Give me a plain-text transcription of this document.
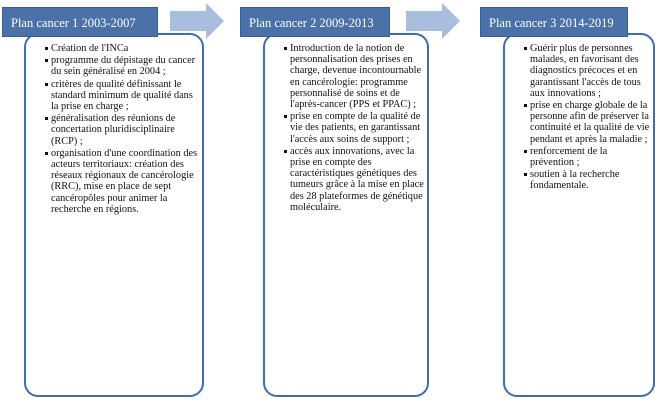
Création de l'INCa
programme du dépistage du cancer du sein généralisé en 2004 ;
critères de qualité définissant le standard minimum de qualité dans la prise en charge ;
généralisation des réunions de concertation pluridisciplinaire (RCP) ;
organisation d'une coordination des acteurs territoriaux: création des réseaux régionaux de cancérologie (RRC), mise en place de sept cancéropôles pour animer la recherche en régions.
Plan cancer 1 2003-2007
Introduction de la notion de personnalisation des prises en charge, devenue incontournable en cancérologie: programme personnalisé de soins et de l'après-cancer (PPS et PPAC) ;
prise en compte de la qualité de vie des patients, en garantissant l'accès aux soins de support ;
accès aux innovations, avec la prise en compte des caractéristiques génétiques des tumeurs grâce à la mise en place des 28 plateformes de génétique moléculaire.
Plan cancer 2 2009-2013
Guérir plus de personnes malades, en favorisant des diagnostics précoces et en garantissant l'accès de tous aux innovations ;
prise en charge globale de la personne afin de préserver la continuité et la qualité de vie pendant et après la maladie ;
renforcement de la prévention ;
soutien à la recherche fondamentale.
Plan cancer 3 2014-2019
